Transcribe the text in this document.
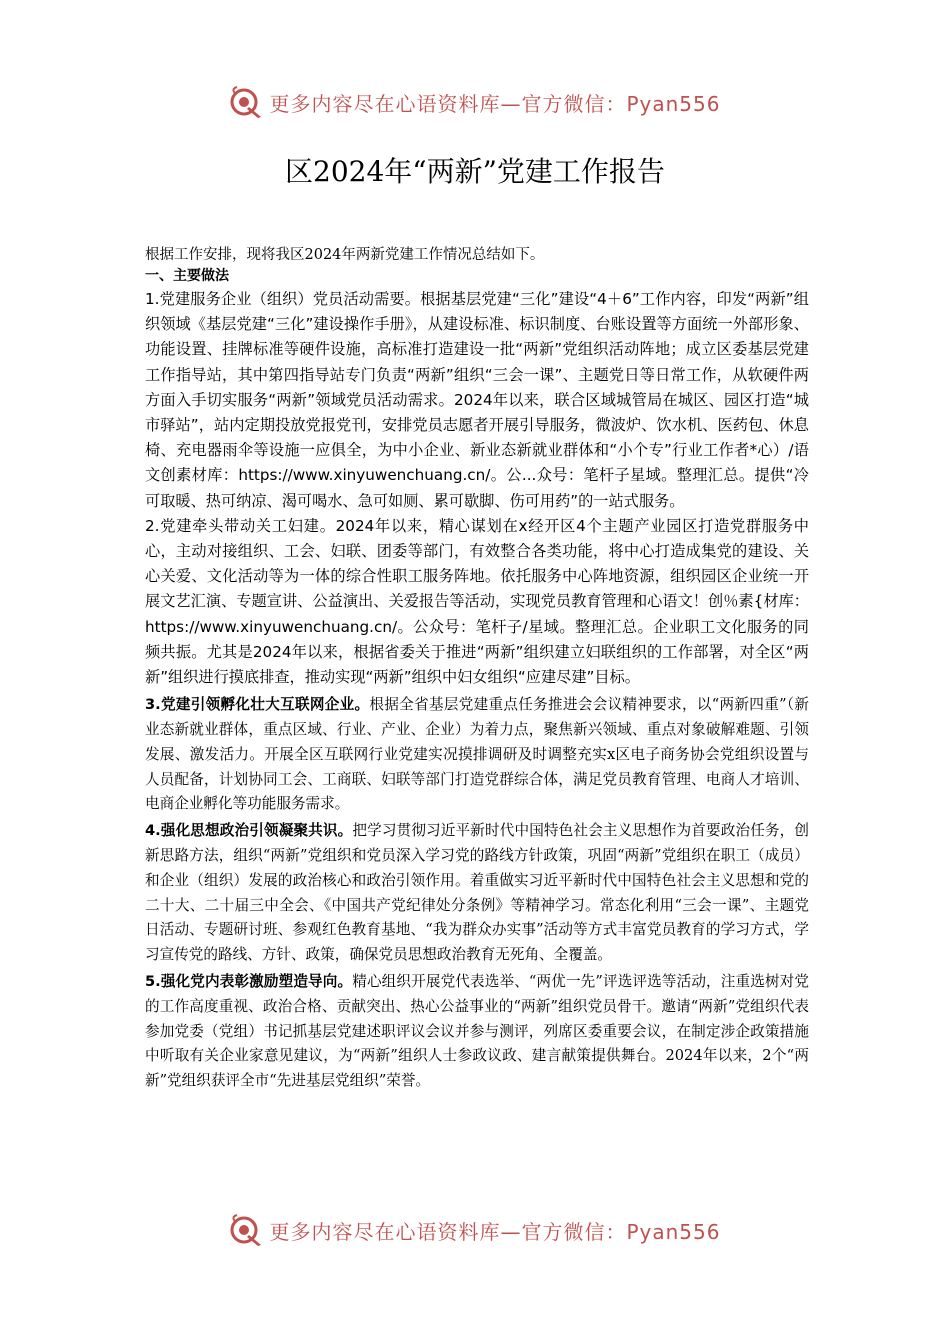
更多内容尽在心语资料库—官方微信：Pyan556
区2024年“两新”党建工作报告

根据工作安排，现将我区2024年两新党建工作情况总结如下。

一、主要做法

1.党建服务企业（组织）党员活动需要。根据基层党建“三化”建设“4＋6”工作内容，印发“两新”组织领域《基层党建“三化”建设操作手册》，从建设标准、标识制度、台账设置等方面统一外部形象、功能设置、挂牌标准等硬件设施，高标准打造建设一批“两新”党组织活动阵地；成立区委基层党建工作指导站，其中第四指导站专门负责“两新”组织“三会一课”、主题党日等日常工作，从软硬件两方面入手切实服务“两新”领域党员活动需求。2024年以来，联合区域城管局在城区、园区打造“城市驿站”，站内定期投放党报党刊，安排党员志愿者开展引导服务，微波炉、饮水机、医药包、休息椅、充电器雨伞等设施一应俱全，为中小企业、新业态新就业群体和“小个专”行业工作者*心）/语文创素材库：https://www.xinyuwenchuang.cn/。公...众号：笔杆子星域。整理汇总。提供“冷可取暖、热可纳凉、渴可喝水、急可如厕、累可歇脚、伤可用药”的一站式服务。

2.党建牵头带动关工妇建。2024年以来，精心谋划在x经开区4个主题产业园区打造党群服务中心，主动对接组织、工会、妇联、团委等部门，有效整合各类功能，将中心打造成集党的建设、关心关爱、文化活动等为一体的综合性职工服务阵地。依托服务中心阵地资源，组织园区企业统一开展文艺汇演、专题宣讲、公益演出、关爱报告等活动，实现党员教育管理和心语文！创％素{材库：https://www.xinyuwenchuang.cn/。公众号：笔杆子/星域。整理汇总。企业职工文化服务的同频共振。尤其是2024年以来，根据省委关于推进“两新”组织建立妇联组织的工作部署，对全区“两新”组织进行摸底排查，推动实现“两新”组织中妇女组织“应建尽建”目标。

3.党建引领孵化壮大互联网企业。根据全省基层党建重点任务推进会会议精神要求，以“两新四重”（新业态新就业群体，重点区域、行业、产业、企业）为着力点，聚焦新兴领域、重点对象破解难题、引领发展、激发活力。开展全区互联网行业党建实况摸排调研及时调整充实x区电子商务协会党组织设置与人员配备，计划协同工会、工商联、妇联等部门打造党群综合体，满足党员教育管理、电商人才培训、电商企业孵化等功能服务需求。

4.强化思想政治引领凝聚共识。把学习贯彻习近平新时代中国特色社会主义思想作为首要政治任务，创新思路方法，组织“两新”党组织和党员深入学习党的路线方针政策，巩固“两新”党组织在职工（成员）和企业（组织）发展的政治核心和政治引领作用。着重做实习近平新时代中国特色社会主义思想和党的二十大、二十届三中全会、《中国共产党纪律处分条例》等精神学习。常态化利用“三会一课”、主题党日活动、专题研讨班、参观红色教育基地、“我为群众办实事”活动等方式丰富党员教育的学习方式，学习宣传党的路线、方针、政策，确保党员思想政治教育无死角、全覆盖。

5.强化党内表彰激励塑造导向。精心组织开展党代表选举、“两优一先”评选评选等活动，注重选树对党的工作高度重视、政治合格、贡献突出、热心公益事业的“两新”组织党员骨干。邀请“两新”党组织代表参加党委（党组）书记抓基层党建述职评议会议并参与测评，列席区委重要会议，在制定涉企政策措施中听取有关企业家意见建议，为“两新”组织人士参政议政、建言献策提供舞台。2024年以来，2个“两新”党组织获评全市“先进基层党组织”荣誉。

更多内容尽在心语资料库—官方微信：Pyan556
